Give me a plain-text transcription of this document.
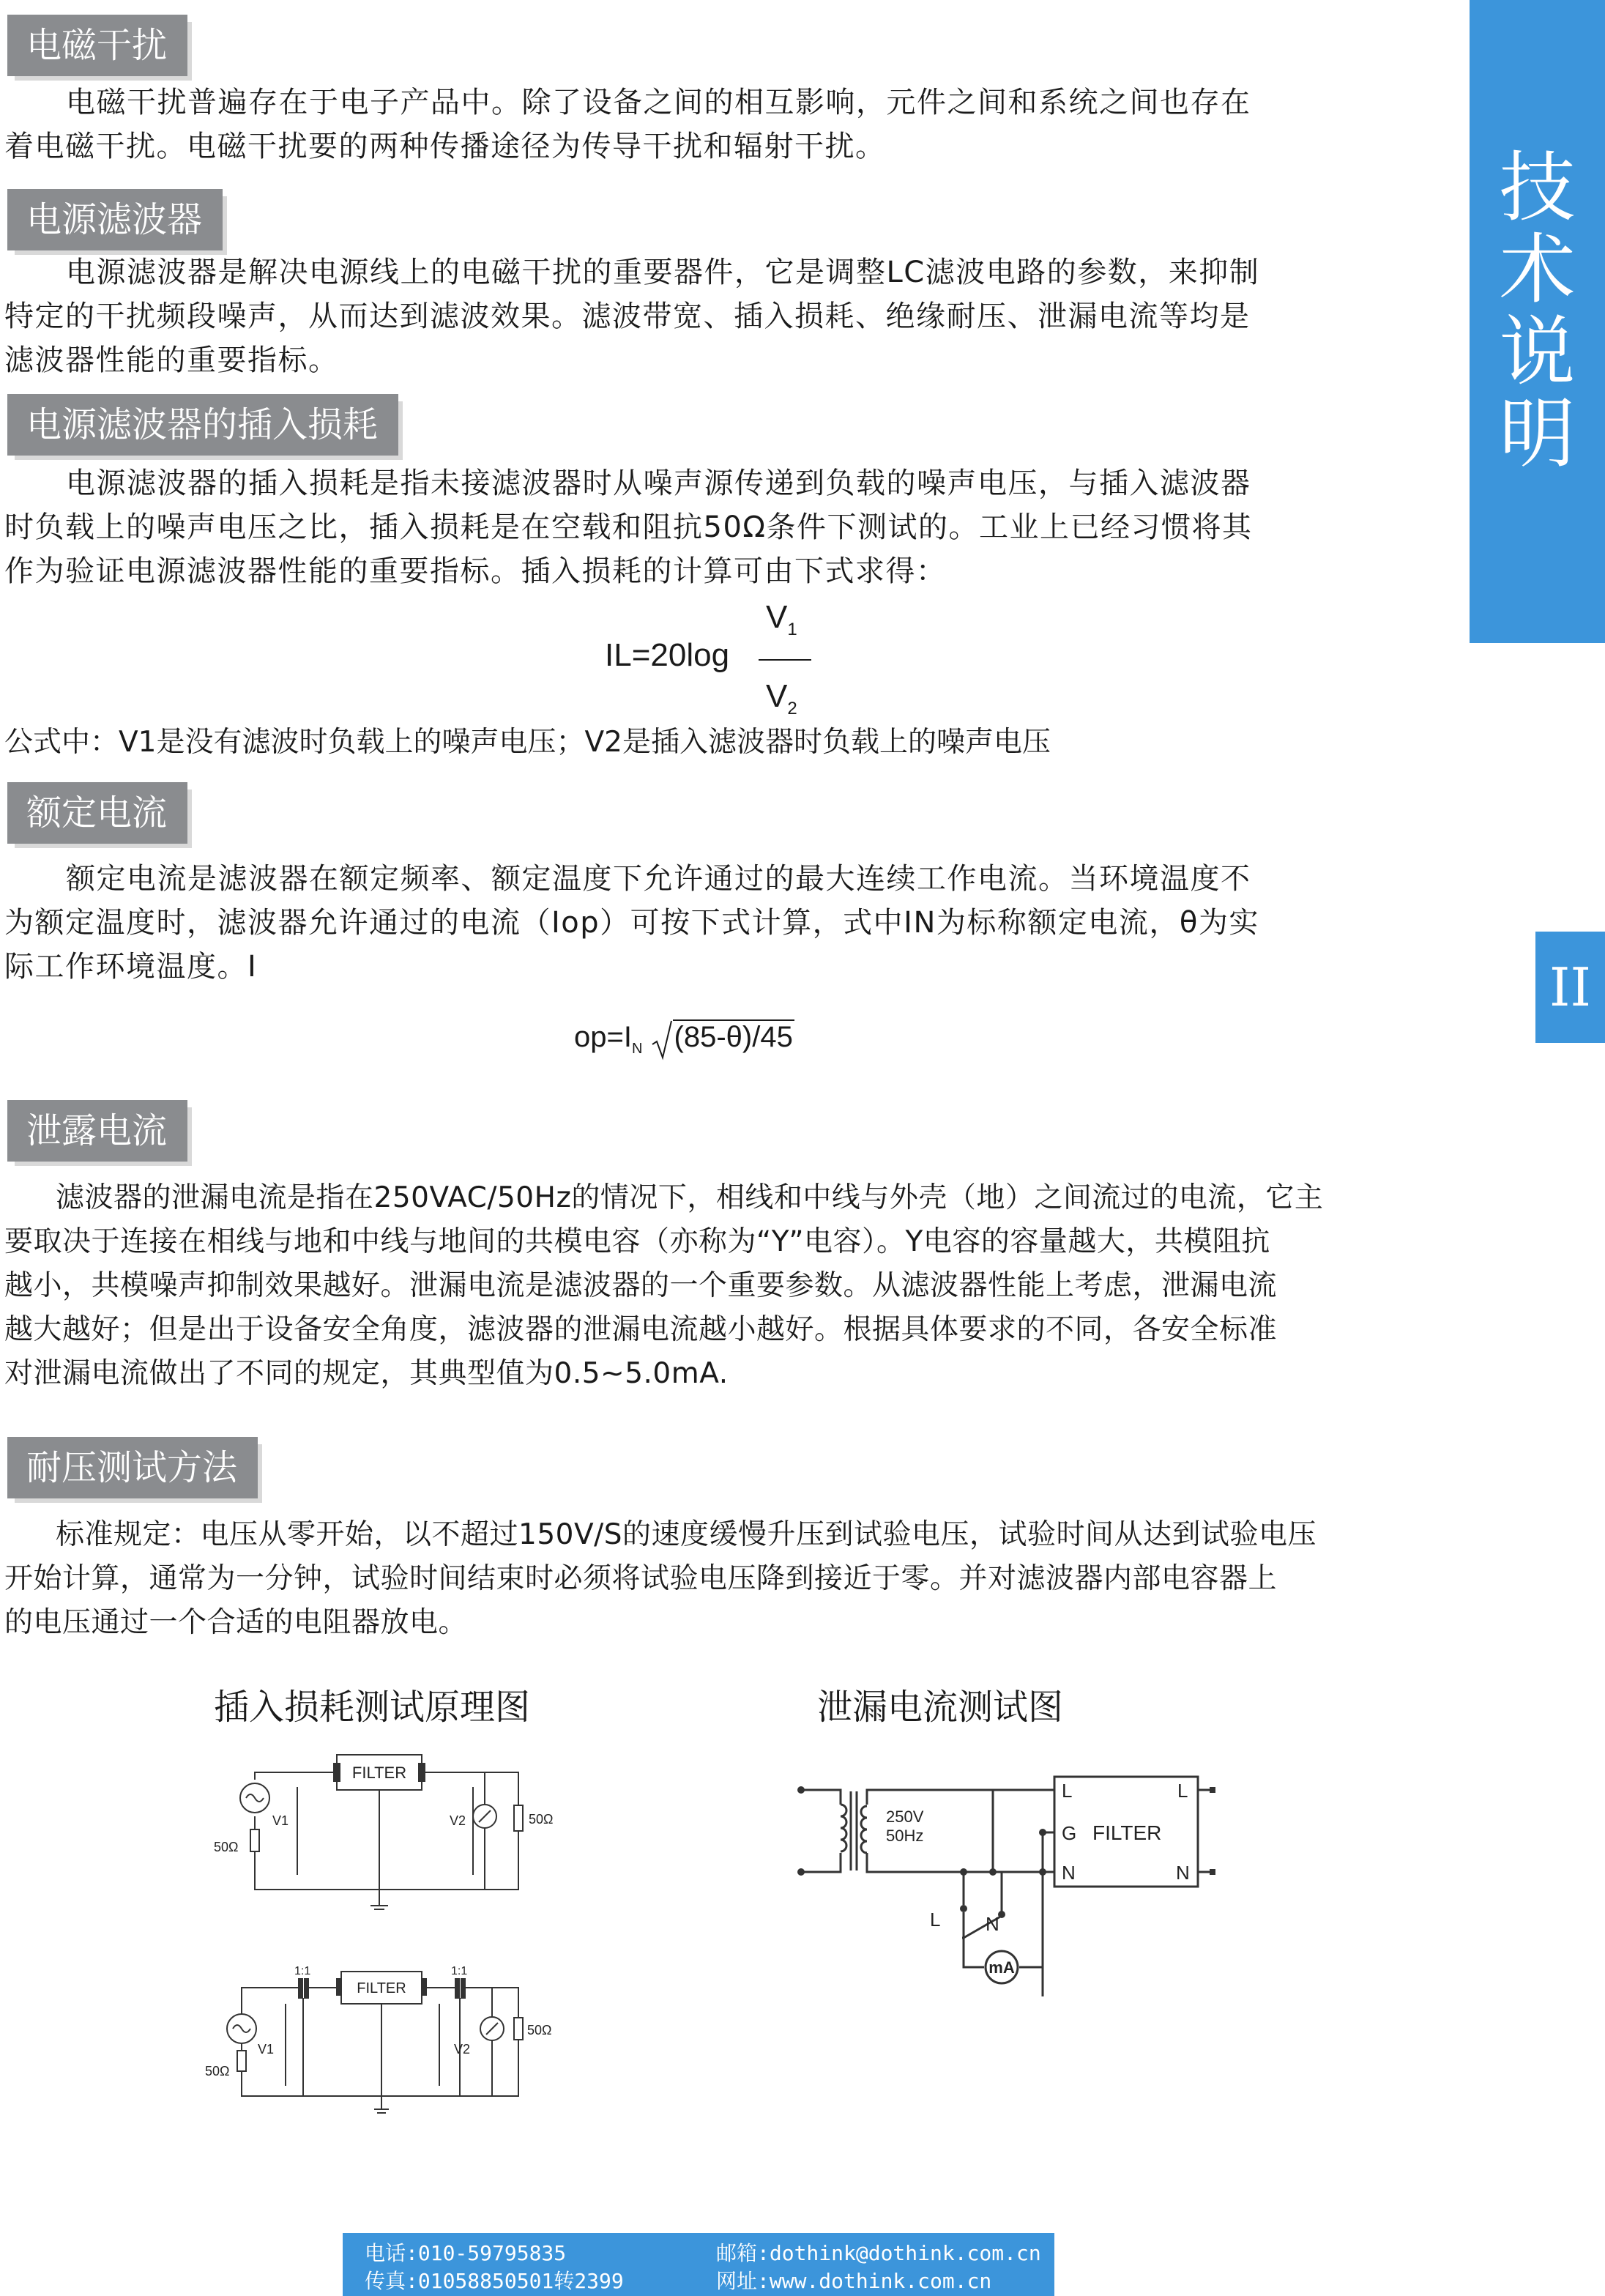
技
术
说
明
II
电磁干扰

电磁干扰普遍存在于电子产品中。除了设备之间的相互影响，元件之间和系统之间也存在

着电磁干扰。电磁干扰要的两种传播途径为传导干扰和辐射干扰。

电源滤波器

电源滤波器是解决电源线上的电磁干扰的重要器件，它是调整LC滤波电路的参数，来抑制

特定的干扰频段噪声，从而达到滤波效果。滤波带宽、插入损耗、绝缘耐压、泄漏电流等均是

滤波器性能的重要指标。

电源滤波器的插入损耗

电源滤波器的插入损耗是指未接滤波器时从噪声源传递到负载的噪声电压，与插入滤波器

时负载上的噪声电压之比，插入损耗是在空载和阻抗50Ω条件下测试的。工业上已经习惯将其

作为验证电源滤波器性能的重要指标。插入损耗的计算可由下式求得：

IL=20log
$V_1$
$V_2$

公式中：V1是没有滤波时负载上的噪声电压；V2是插入滤波器时负载上的噪声电压

额定电流

额定电流是滤波器在额定频率、额定温度下允许通过的最大连续工作电流。当环境温度不

为额定温度时，滤波器允许通过的电流（Iop）可按下式计算，式中IN为标称额定电流，θ为实

际工作环境温度。I

$op=I_N$ (85-θ)/45
泄露电流

滤波器的泄漏电流是指在250VAC/50Hz的情况下，相线和中线与外壳（地）之间流过的电流，它主

要取决于连接在相线与地和中线与地间的共模电容（亦称为“Y”电容）。Y电容的容量越大，共模阻抗

越小，共模噪声抑制效果越好。泄漏电流是滤波器的一个重要参数。从滤波器性能上考虑，泄漏电流

越大越好；但是出于设备安全角度，滤波器的泄漏电流越小越好。根据具体要求的不同，各安全标准

对泄漏电流做出了不同的规定，其典型值为0.5~5.0mA.

耐压测试方法

标准规定：电压从零开始，以不超过150V/S的速度缓慢升压到试验电压，试验时间从达到试验电压

开始计算，通常为一分钟，试验时间结束时必须将试验电压降到接近于零。并对滤波器内部电容器上

的电压通过一个合适的电阻器放电。

插入损耗测试原理图	泄漏电流测试图
FILTER
50Ω
V1	V2	50Ω
FILTER
1:1	1:1
50Ω
V1	V2
50Ω
mA
250V
50Hz
L
G
N
FILTER
L
N
L N
电话:010-59795835
传真:01058850501转2399
邮箱:dothink@dothink.com.cn
网址:www.dothink.com.cn
